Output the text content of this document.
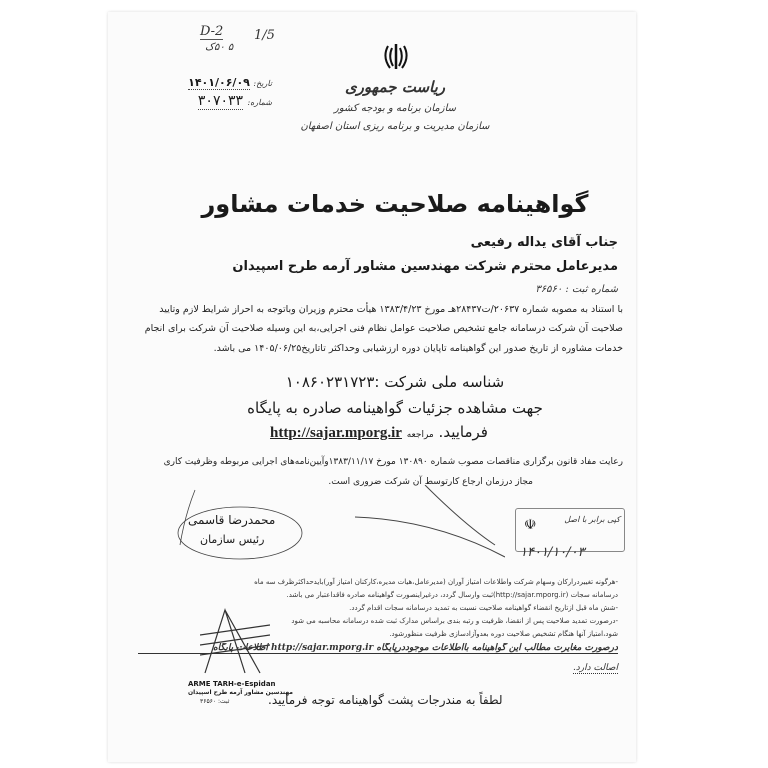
D-2
۵ ۵۰ک
1/5
ریاست جمهوری
سازمان برنامه و بودجه کشور
سازمان مدیریت و برنامه ریزی استان اصفهان
تاریخ: ۱۴۰۱/۰۶/۰۹
شماره: ۳۰۷۰۳۳
گواهینامه صلاحیت خدمات مشاور
جناب آقای یداله رفیعی
مدیرعامل محترم شرکت مهندسین مشاور آرمه طرح اسپیدان
شماره ثبت : ۳۶۵۶۰
با استناد به مصوبه شماره ۲۰۶۳۷/ت۲۸۴۳۷هـ مورخ ۱۳۸۳/۴/۲۳ هیأت محترم وزیران وباتوجه به احراز شرایط لازم وتایید
صلاحیت آن شرکت درسامانه جامع تشخیص صلاحیت عوامل نظام فنی اجرایی،به این وسیله صلاحیت آن شرکت برای انجام
خدمات مشاوره از تاریخ صدور این گواهینامه تاپایان دوره ارزشیابی وحداکثر تاتاریخ۱۴۰۵/۰۶/۲۵ می باشد.
شناسه ملی شرکت :۱۰۸۶۰۲۳۱۷۲۳
جهت مشاهده جزئیات گواهینامه صادره به پایگاه
فرمایید. مراجعه http://sajar.mporg.ir
رعایت مفاد قانون برگزاری مناقصات مصوب شماره ۱۳۰۸۹۰ مورخ ۱۳۸۳/۱۱/۱۷وآیین‌نامه‌های اجرایی مربوطه وظرفیت کاری
مجاز درزمان ارجاع کارتوسط آن شرکت ضروری است.
محمدرضا قاسمی
رئیس سازمان
کپی برابر با اصل
☫
۱۴۰۱/۱۰/۰۳
-هرگونه تغییردرارکان وسهام شرکت واطلاعات امتیاز آوران (مدیرعامل،هیات مدیره،کارکنان امتیاز آور)بایدحداکثرظرف سه ماه
درسامانه سجات (http://sajar.mporg.ir)ثبت وارسال گردد، درغیراینصورت گواهینامه صادره فاقداعتبار می باشد.
-شش ماه قبل ازتاریخ انقضاء گواهینامه صلاحیت نسبت به تمدید درسامانه سجات اقدام گردد.
-درصورت تمدید صلاحیت پس از انقضا، ظرفیت و رتبه بندی براساس مدارک ثبت شده درسامانه محاسبه می شود
شود،امتیاز آنها هنگام تشخیص صلاحیت دوره بعدوآزادسازی ظرفیت منظورشود.
درصورت مغایرت مطالب این گواهینامه بااطلاعات موجوددرپایگاه http://sajar.mporg.ir اطلاعات پایگاه
اصالت دارد.
ARME TARH-e-Espidan
مهندسین مشاور آرمه طرح اسپیدان
ثبت: ۳۶۵۶۰	لطفاً به مندرجات پشت گواهینامه توجه فرمایید.
